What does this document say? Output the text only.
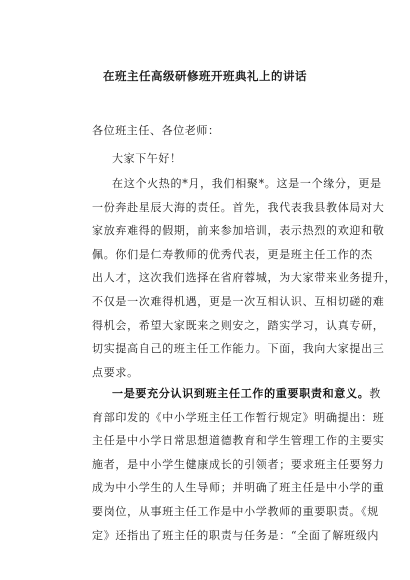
在班主任高级研修班开班典礼上的讲话
各位班主任、各位老师：
大家下午好！
在这个火热的*月，我们相聚*。这是一个缘分，更是
一份奔赴星辰大海的责任。首先，我代表我县教体局对大
家放弃难得的假期，前来参加培训，表示热烈的欢迎和敬
佩。你们是仁寿教师的优秀代表，更是班主任工作的杰
出人才，这次我们选择在省府蓉城，为大家带来业务提升，
不仅是一次难得机遇，更是一次互相认识、互相切磋的难
得机会，希望大家既来之则安之，踏实学习，认真专研，
切实提高自己的班主任工作能力。下面，我向大家提出三
点要求。
一是要充分认识到班主任工作的重要职责和意义。教
育部印发的《中小学班主任工作暂行规定》明确提出：班
主任是中小学日常思想道德教育和学生管理工作的主要实
施者，是中小学生健康成长的引领者；要求班主任要努力
成为中小学生的人生导师；并明确了班主任是中小学的重
要岗位，从事班主任工作是中小学教师的重要职责。《规
定》还指出了班主任的职责与任务是：“全面了解班级内
